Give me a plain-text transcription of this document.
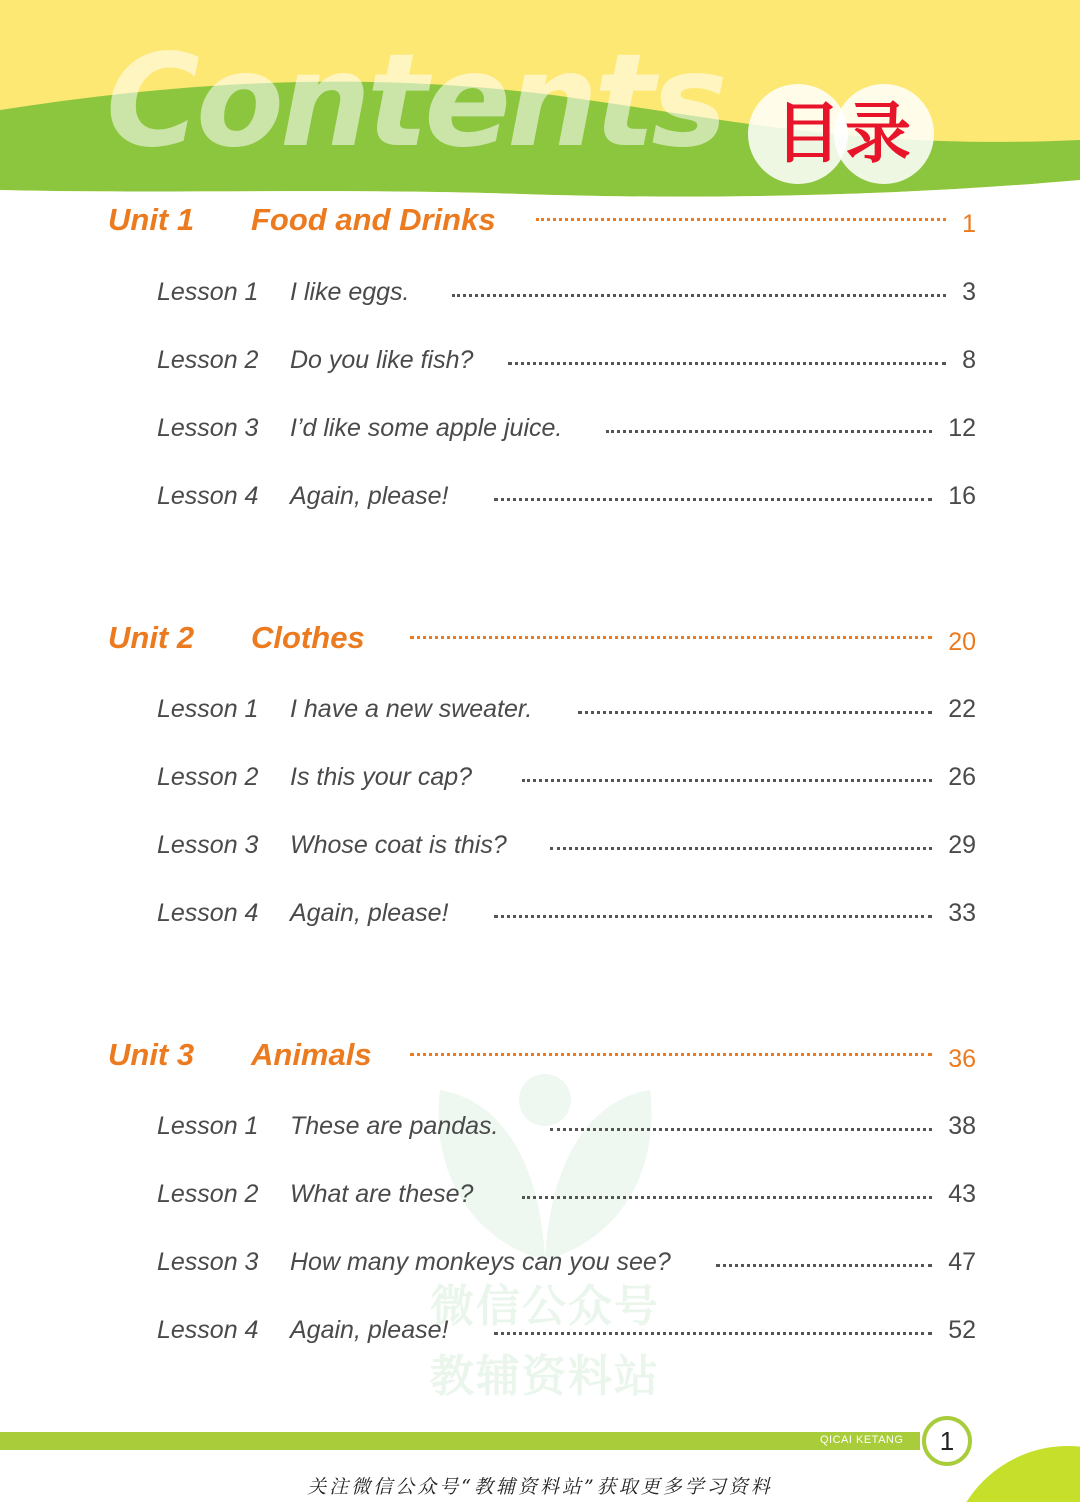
Contents 目录
微信公众号
教辅资料站
Unit 1 Food and Drinks	1
Lesson 1 I like eggs.	3
Lesson 2 Do you like fish?	8
Lesson 3 I’d like some apple juice.	12
Lesson 4 Again, please!	16
Unit 2 Clothes	20
Lesson 1 I have a new sweater.	22
Lesson 2 Is this your cap?	26
Lesson 3 Whose coat is this?	29
Lesson 4 Again, please!	33
Unit 3 Animals	36
Lesson 1 These are pandas.	38
Lesson 2 What are these?	43
Lesson 3 How many monkeys can you see?	47
Lesson 4 Again, please!	52
QICAI KETANG	1
关注微信公众号“教辅资料站”获取更多学习资料
